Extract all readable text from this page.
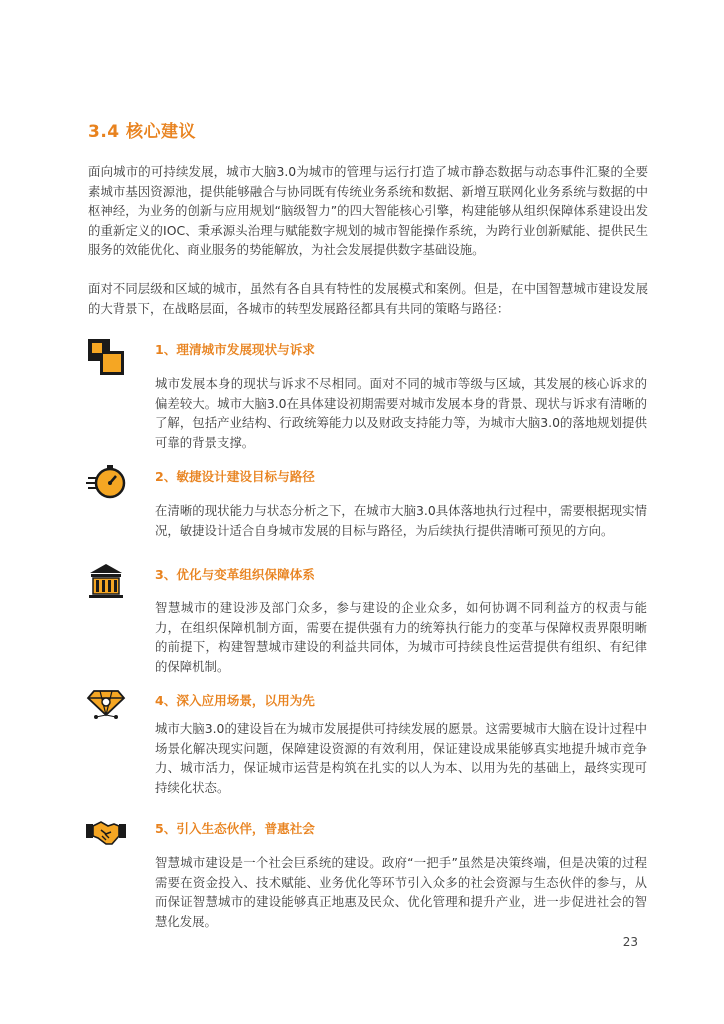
3.4 核心建议

面向城市的可持续发展，城市大脑3.0为城市的管理与运行打造了城市静态数据与动态事件汇聚的全要素城市基因资源池，提供能够融合与协同既有传统业务系统和数据、新增互联网化业务系统与数据的中枢神经，为业务的创新与应用规划“脑级智力”的四大智能核心引擎，构建能够从组织保障体系建设出发的重新定义的IOC、秉承源头治理与赋能数字规划的城市智能操作系统，为跨行业创新赋能、提供民生服务的效能优化、商业服务的势能解放，为社会发展提供数字基础设施。

面对不同层级和区域的城市，虽然有各自具有特性的发展模式和案例。但是，在中国智慧城市建设发展的大背景下，在战略层面，各城市的转型发展路径都具有共同的策略与路径：

1、理清城市发展现状与诉求

城市发展本身的现状与诉求不尽相同。面对不同的城市等级与区域，其发展的核心诉求的偏差较大。城市大脑3.0在具体建设初期需要对城市发展本身的背景、现状与诉求有清晰的了解，包括产业结构、行政统筹能力以及财政支持能力等，为城市大脑3.0的落地规划提供可靠的背景支撑。

2、敏捷设计建设目标与路径

在清晰的现状能力与状态分析之下，在城市大脑3.0具体落地执行过程中，需要根据现实情况，敏捷设计适合自身城市发展的目标与路径，为后续执行提供清晰可预见的方向。

3、优化与变革组织保障体系

智慧城市的建设涉及部门众多，参与建设的企业众多，如何协调不同利益方的权责与能力，在组织保障机制方面，需要在提供强有力的统筹执行能力的变革与保障权责界限明晰的前提下，构建智慧城市建设的利益共同体，为城市可持续良性运营提供有组织、有纪律的保障机制。

4、深入应用场景，以用为先

城市大脑3.0的建设旨在为城市发展提供可持续发展的愿景。这需要城市大脑在设计过程中场景化解决现实问题，保障建设资源的有效利用，保证建设成果能够真实地提升城市竞争力、城市活力，保证城市运营是构筑在扎实的以人为本、以用为先的基础上，最终实现可持续化状态。

5、引入生态伙伴，普惠社会

智慧城市建设是一个社会巨系统的建设。政府“一把手”虽然是决策终端，但是决策的过程需要在资金投入、技术赋能、业务优化等环节引入众多的社会资源与生态伙伴的参与，从而保证智慧城市的建设能够真正地惠及民众、优化管理和提升产业，进一步促进社会的智慧化发展。

23
